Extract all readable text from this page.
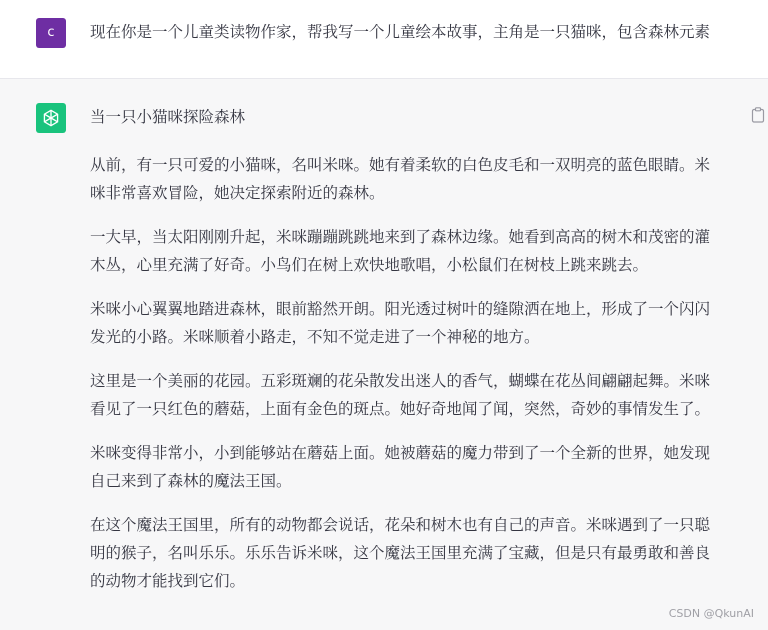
c	现在你是一个儿童类读物作家，帮我写一个儿童绘本故事，主角是一只猫咪，包含森林元素
当一只小猫咪探险森林
从前，有一只可爱的小猫咪，名叫米咪。她有着柔软的白色皮毛和一双明亮的蓝色眼睛。米
咪非常喜欢冒险，她决定探索附近的森林。
一大早，当太阳刚刚升起，米咪蹦蹦跳跳地来到了森林边缘。她看到高高的树木和茂密的灌
木丛，心里充满了好奇。小鸟们在树上欢快地歌唱，小松鼠们在树枝上跳来跳去。
米咪小心翼翼地踏进森林，眼前豁然开朗。阳光透过树叶的缝隙洒在地上，形成了一个闪闪
发光的小路。米咪顺着小路走，不知不觉走进了一个神秘的地方。
这里是一个美丽的花园。五彩斑斓的花朵散发出迷人的香气，蝴蝶在花丛间翩翩起舞。米咪
看见了一只红色的蘑菇，上面有金色的斑点。她好奇地闻了闻，突然，奇妙的事情发生了。
米咪变得非常小，小到能够站在蘑菇上面。她被蘑菇的魔力带到了一个全新的世界，她发现
自己来到了森林的魔法王国。
在这个魔法王国里，所有的动物都会说话，花朵和树木也有自己的声音。米咪遇到了一只聪
明的猴子，名叫乐乐。乐乐告诉米咪，这个魔法王国里充满了宝藏，但是只有最勇敢和善良
的动物才能找到它们。
CSDN @QkunAI
